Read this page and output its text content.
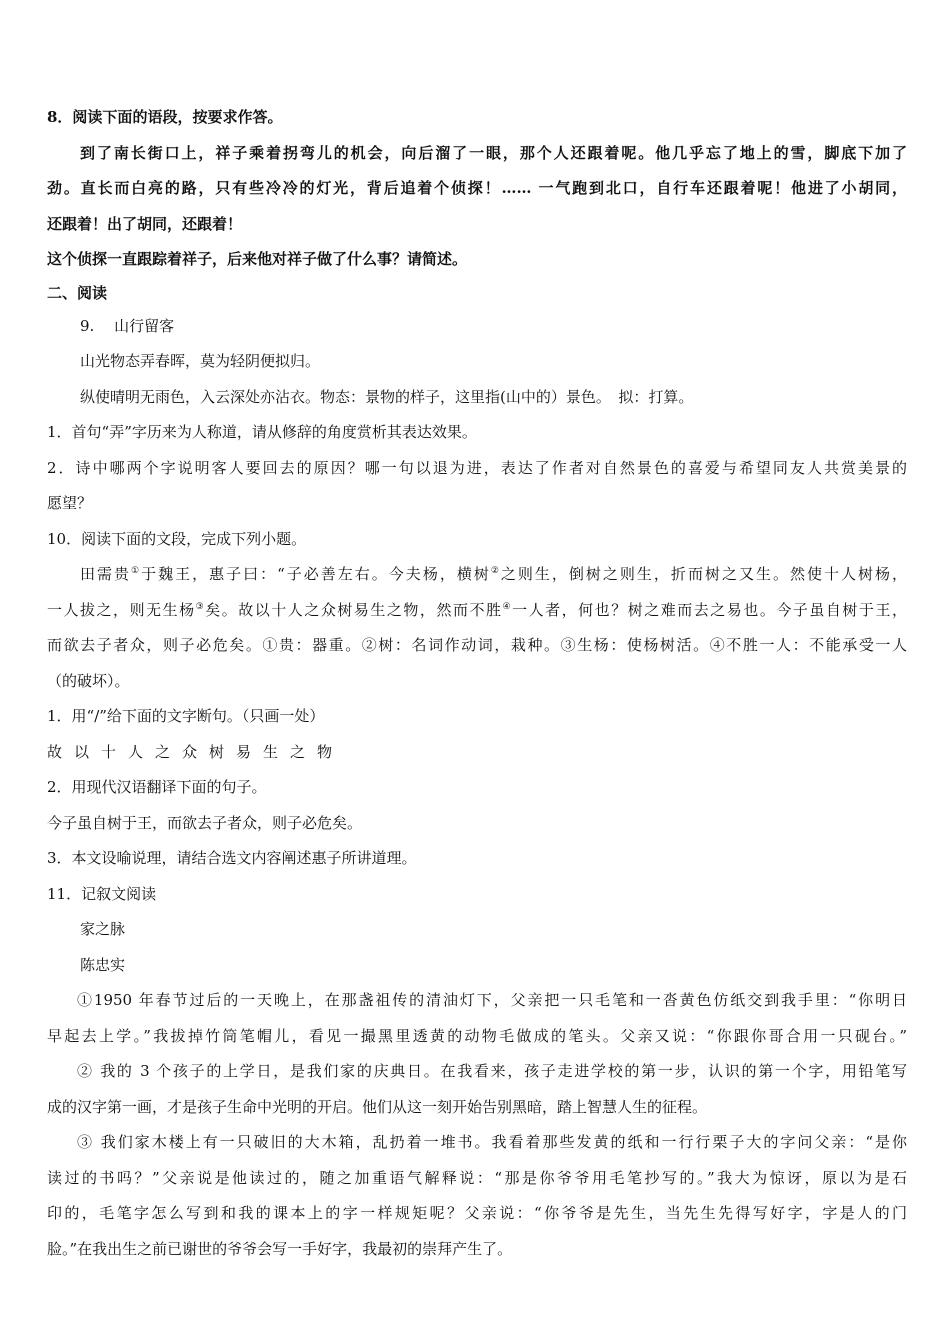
8．阅读下面的语段，按要求作答。
到了南长街口上，祥子乘着拐弯儿的机会，向后溜了一眼，那个人还跟着呢。他几乎忘了地上的雪，脚底下加了
劲。直长而白亮的路，只有些冷冷的灯光，背后追着个侦探！…… 一气跑到北口，自行车还跟着呢！他进了小胡同，
还跟着！出了胡同，还跟着！
这个侦探一直跟踪着祥子，后来他对祥子做了什么事？请简述。
二、阅读
9.　 山行留客
山光物态弄春晖，莫为轻阴便拟归。
纵使晴明无雨色，入云深处亦沾衣。物态：景物的样子，这里指(山中的）景色。　拟：打算。
1．首句“弄”字历来为人称道，请从修辞的角度赏析其表达效果。
2．诗中哪两个字说明客人要回去的原因？哪一句以退为进，表达了作者对自然景色的喜爱与希望同友人共赏美景的
愿望？
10．阅读下面的文段，完成下列小题。
田需贵①于魏王，惠子曰：“子必善左右。今夫杨，横树②之则生，倒树之则生，折而树之又生。然使十人树杨，
一人拔之，则无生杨③矣。故以十人之众树易生之物，然而不胜④一人者，何也？树之难而去之易也。今子虽自树于王，
而欲去子者众，则子必危矣。①贵：器重。②树：名词作动词，栽种。③生杨：使杨树活。④不胜一人：不能承受一人
（的破坏）。
1．用“/”给下面的文字断句。（只画一处）
故以十人之众树易生之物
2．用现代汉语翻译下面的句子。
今子虽自树于王，而欲去子者众，则子必危矣。
3．本文设喻说理，请结合选文内容阐述惠子所讲道理。
11．记叙文阅读
家之脉
陈忠实
①1950 年春节过后的一天晚上，在那盏祖传的清油灯下，父亲把一只毛笔和一沓黄色仿纸交到我手里：“你明日
早起去上学。”我拔掉竹筒笔帽儿，看见一撮黑里透黄的动物毛做成的笔头。父亲又说：“你跟你哥合用一只砚台。”
② 我的 3 个孩子的上学日，是我们家的庆典日。在我看来，孩子走进学校的第一步，认识的第一个字，用铅笔写
成的汉字第一画，才是孩子生命中光明的开启。他们从这一刻开始告别黑暗，踏上智慧人生的征程。
③ 我们家木楼上有一只破旧的大木箱，乱扔着一堆书。我看着那些发黄的纸和一行行栗子大的字问父亲：“是你
读过的书吗？”父亲说是他读过的，随之加重语气解释说：“那是你爷爷用毛笔抄写的。”我大为惊讶，原以为是石
印的，毛笔字怎么写到和我的课本上的字一样规矩呢？父亲说：“你爷爷是先生，当先生先得写好字，字是人的门
脸。”在我出生之前已谢世的爷爷会写一手好字，我最初的崇拜产生了。
